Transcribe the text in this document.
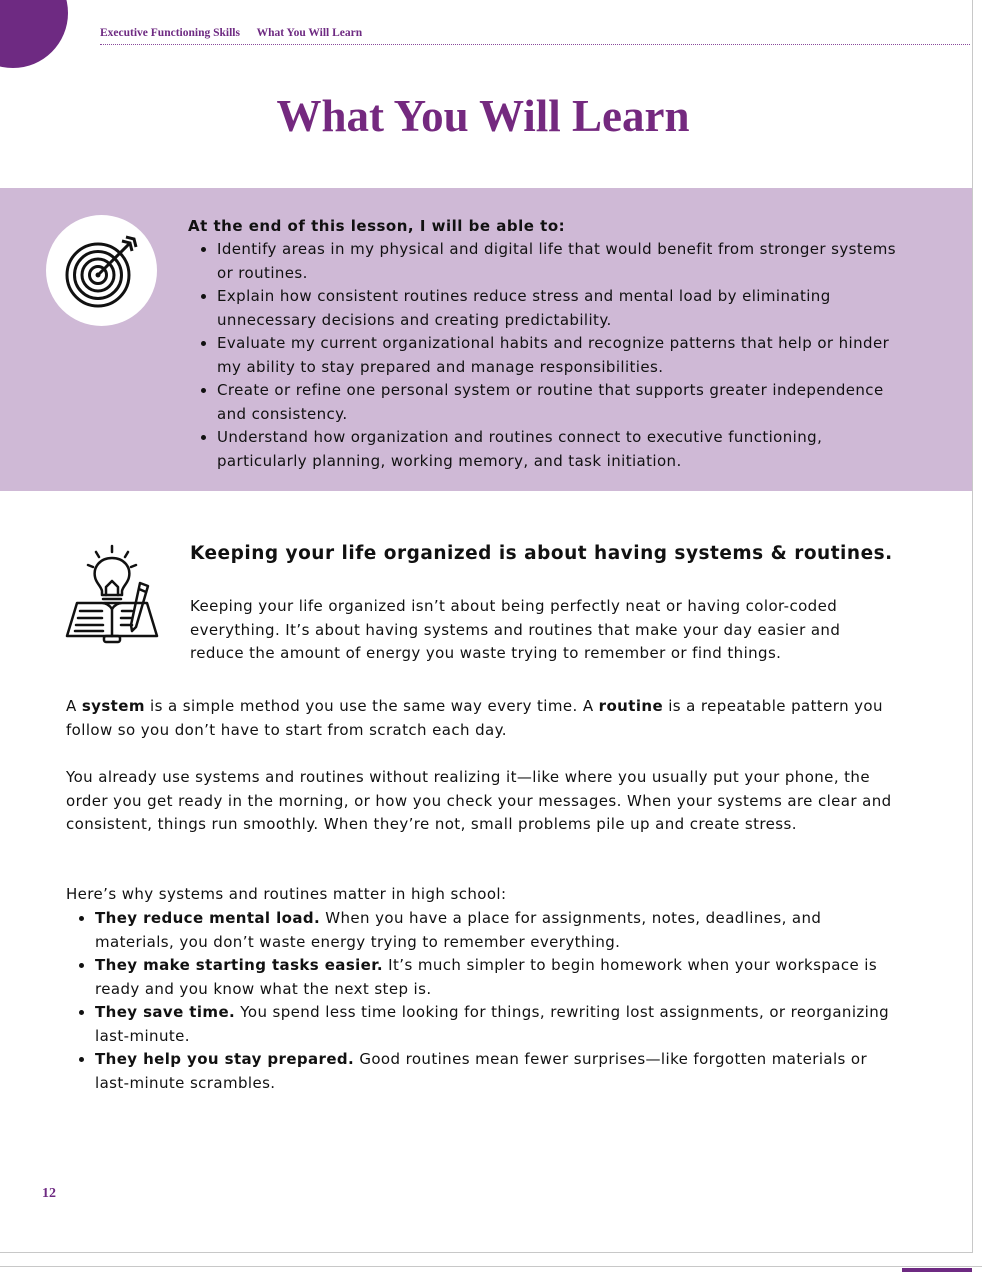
Executive Functioning Skills What You Will Learn
What You Will Learn

At the end of this lesson, I will be able to:

• Identify areas in my physical and digital life that would benefit from stronger systems or routines.
• Explain how consistent routines reduce stress and mental load by eliminating unnecessary decisions and creating predictability.
• Evaluate my current organizational habits and recognize patterns that help or hinder my ability to stay prepared and manage responsibilities.
• Create or refine one personal system or routine that supports greater independence and consistency.
• Understand how organization and routines connect to executive functioning, particularly planning, working memory, and task initiation.
Keeping your life organized is about having systems & routines.

Keeping your life organized isn’t about being perfectly neat or having color-coded everything. It’s about having systems and routines that make your day easier and reduce the amount of energy you waste trying to remember or find things.

A system is a simple method you use the same way every time. A routine is a repeatable pattern you follow so you don’t have to start from scratch each day.

You already use systems and routines without realizing it—like where you usually put your phone, the order you get ready in the morning, or how you check your messages. When your systems are clear and consistent, things run smoothly. When they’re not, small problems pile up and create stress.

Here’s why systems and routines matter in high school:

• They reduce mental load. When you have a place for assignments, notes, deadlines, and materials, you don’t waste energy trying to remember everything.
• They make starting tasks easier. It’s much simpler to begin homework when your workspace is ready and you know what the next step is.
• They save time. You spend less time looking for things, rewriting lost assignments, or reorganizing last-minute.
• They help you stay prepared. Good routines mean fewer surprises—like forgotten materials or last-minute scrambles.
12
